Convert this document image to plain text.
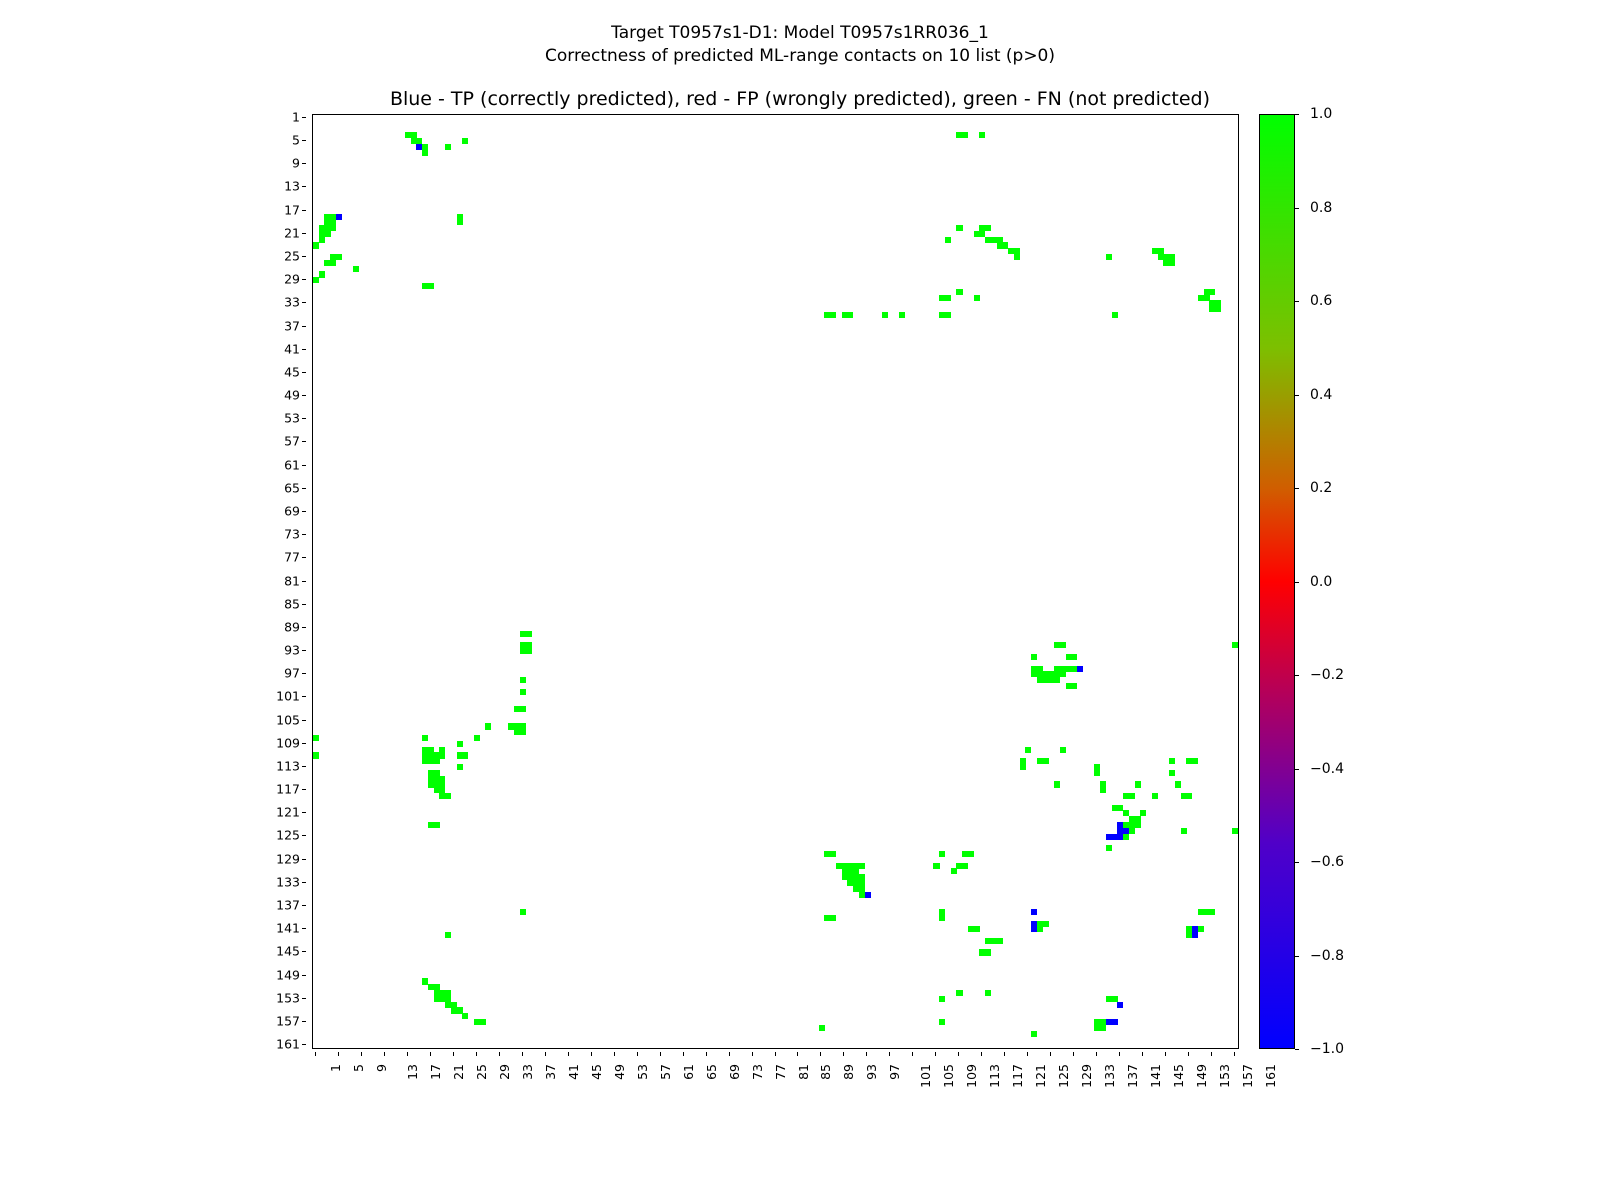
Target T0957s1-D1: Model T0957s1RR036_1
Correctness of predicted ML-range contacts on 10 list (p>0)
Blue - TP (correctly predicted), red - FP (wrongly predicted), green - FN (not predicted)
1
5
9
13
17
21
25
29
33
37
41
45
49
53
57
61
65
69
73
77
81
85
89
93
97
101
105
109
113
117
121
125
129
133
137
141
145
149
153
157
161
1 5 9 13 17 21 25 29 33 37 41 45 49 53 57 61 65 69 73 77 81 85 89 93 97 101 105 109 113 117 121 125 129 133 137 141 145 149 153 157 161
1.0
0.8
0.6
0.4
0.2
0.0
−0.2
−0.4
−0.6
−0.8
−1.0
